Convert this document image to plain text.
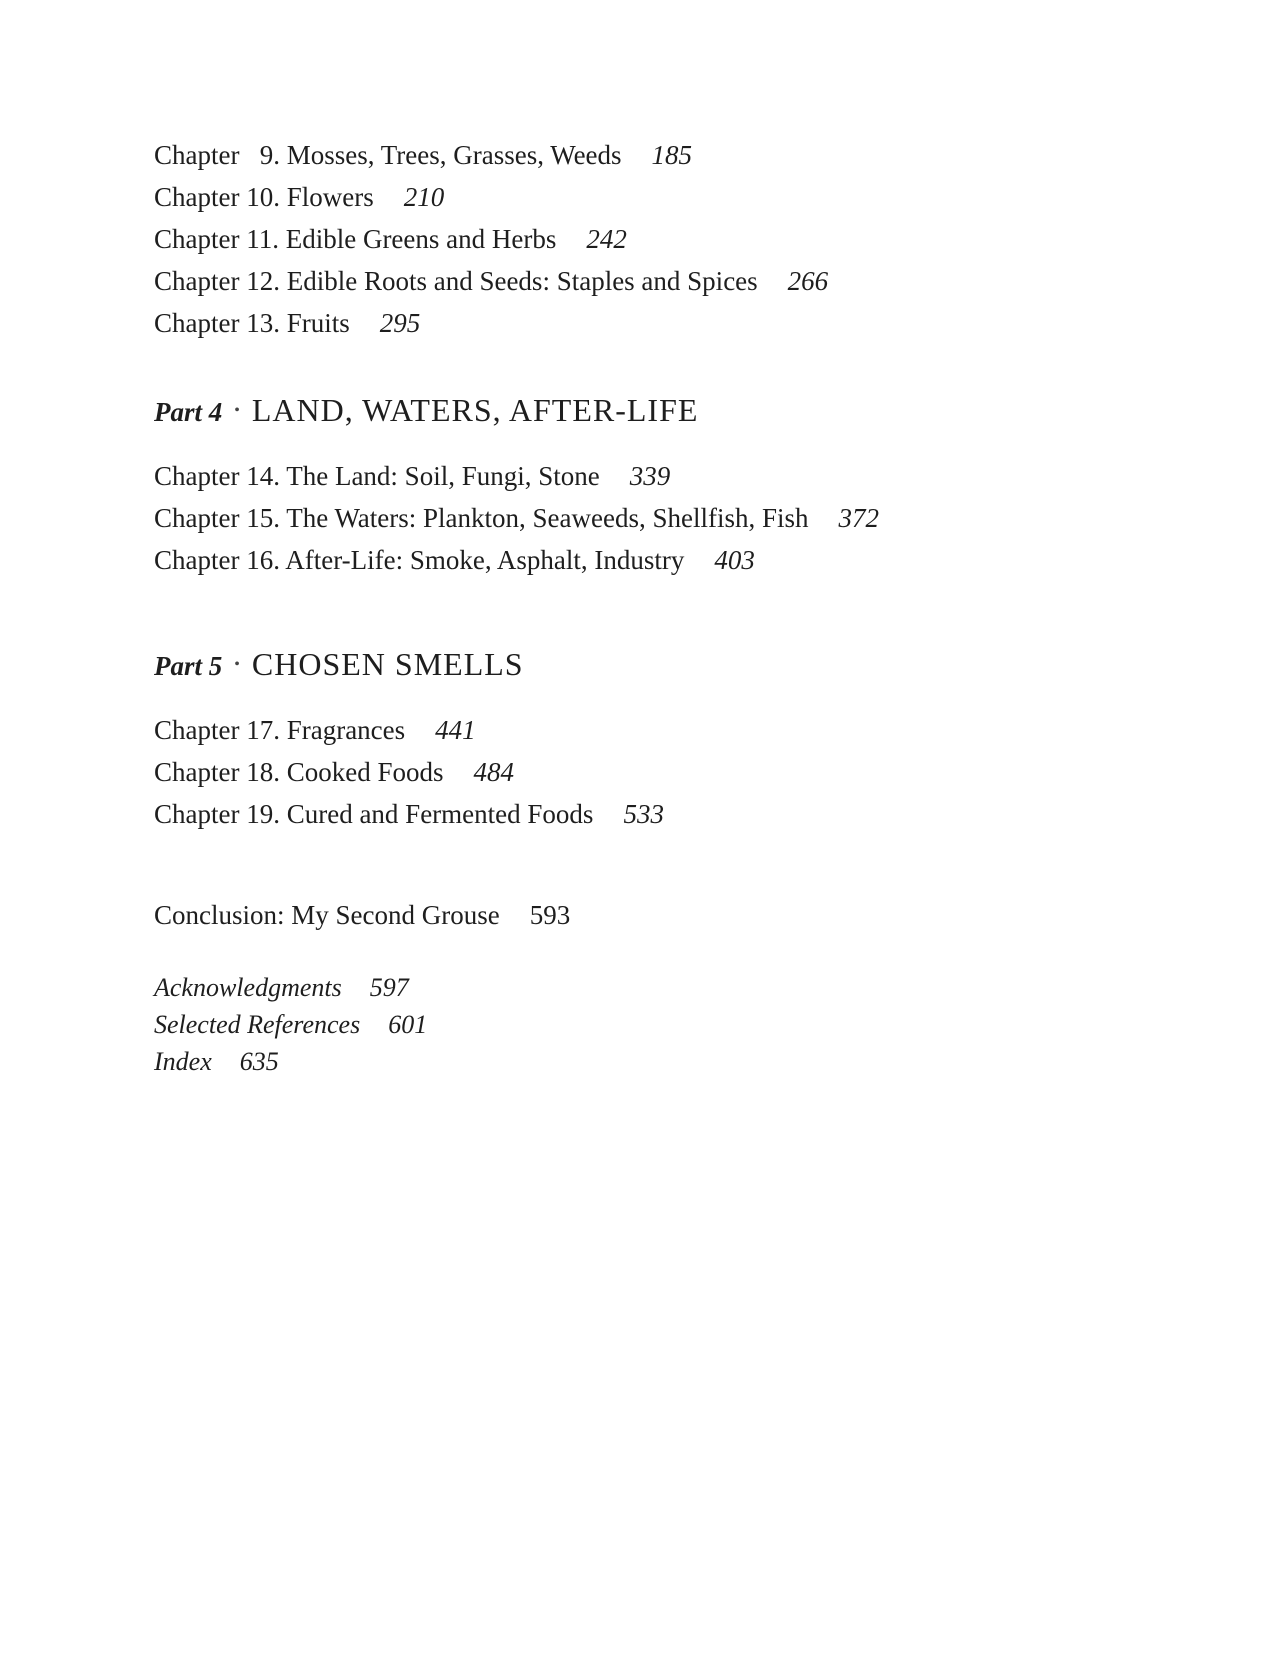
Chapter   9. Mosses, Trees, Grasses, Weeds 185
Chapter 10. Flowers 210
Chapter 11. Edible Greens and Herbs 242
Chapter 12. Edible Roots and Seeds: Staples and Spices 266
Chapter 13. Fruits 295
Part 4 • LAND, WATERS, AFTER-LIFE
Chapter 14. The Land: Soil, Fungi, Stone 339
Chapter 15. The Waters: Plankton, Seaweeds, Shellfish, Fish 372
Chapter 16. After-Life: Smoke, Asphalt, Industry 403
Part 5 • CHOSEN SMELLS
Chapter 17. Fragrances 441
Chapter 18. Cooked Foods 484
Chapter 19. Cured and Fermented Foods 533
Conclusion: My Second Grouse 593
Acknowledgments 597
Selected References 601
Index 635
